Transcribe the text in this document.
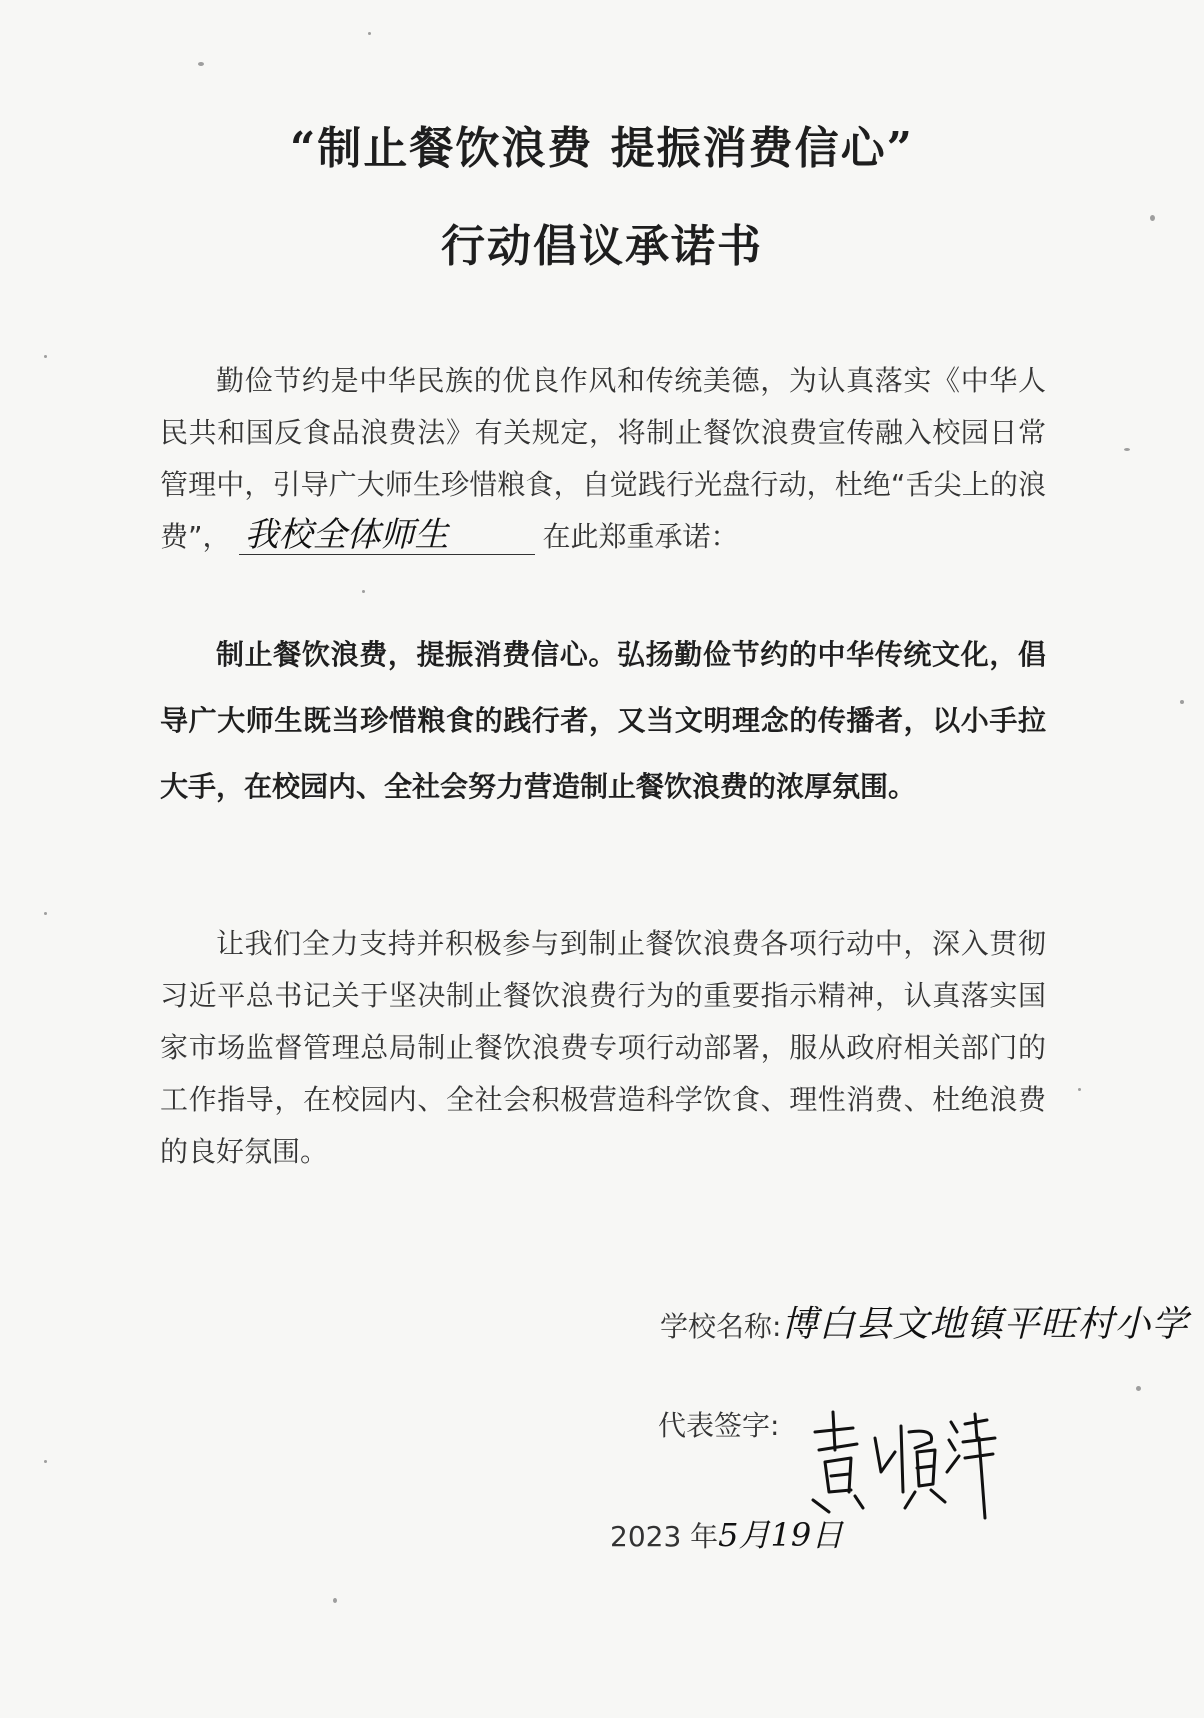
“制止餐饮浪费 提振消费信心”
行动倡议承诺书

勤俭节约是中华民族的优良作风和传统美德，为认真落实《中华人民共和国反食品浪费法》有关规定，将制止餐饮浪费宣传融入校园日常管理中，引导广大师生珍惜粮食，自觉践行光盘行动，杜绝“舌尖上的浪费”， 我校全体师生	在此郑重承诺：

制止餐饮浪费，提振消费信心。弘扬勤俭节约的中华传统文化，倡导广大师生既当珍惜粮食的践行者，又当文明理念的传播者，以小手拉大手，在校园内、全社会努力营造制止餐饮浪费的浓厚氛围。

让我们全力支持并积极参与到制止餐饮浪费各项行动中，深入贯彻习近平总书记关于坚决制止餐饮浪费行为的重要指示精神，认真落实国家市场监督管理总局制止餐饮浪费专项行动部署，服从政府相关部门的工作指导，在校园内、全社会积极营造科学饮食、理性消费、杜绝浪费的良好氛围。

学校名称:博白县文地镇平旺村小学
代表签字:
黄顺洋
2023 年5月19日
